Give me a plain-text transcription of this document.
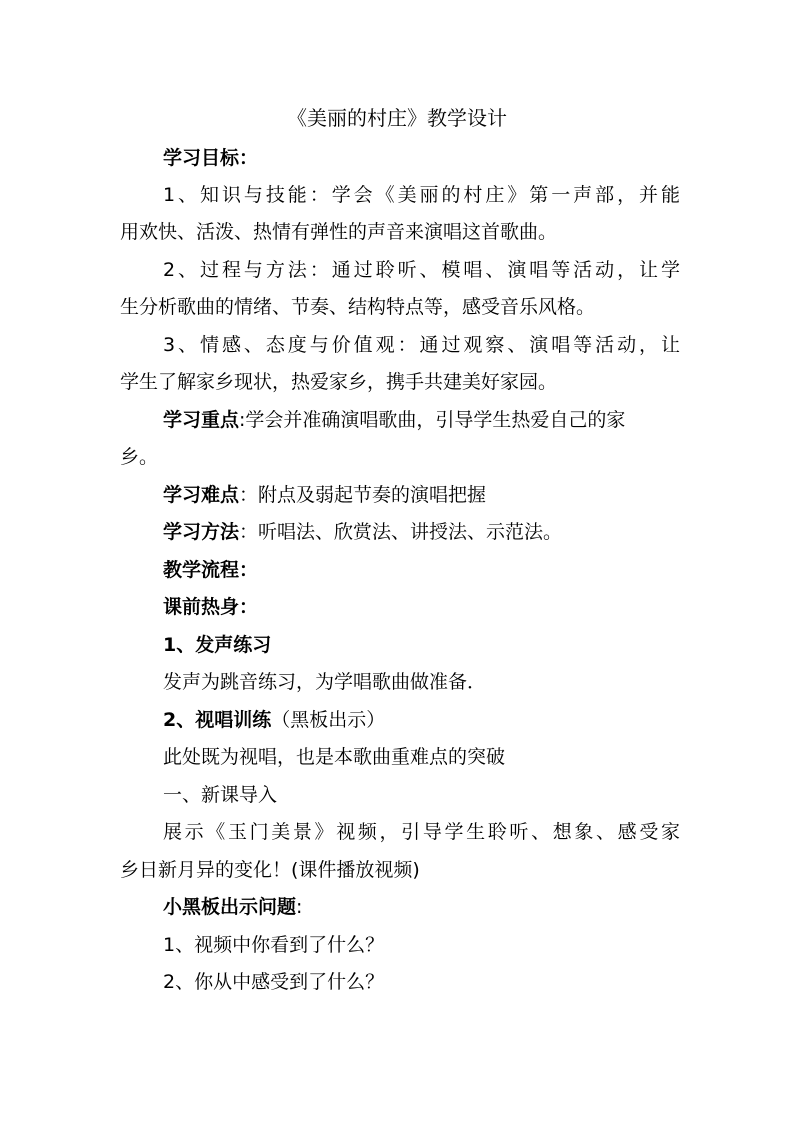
《美丽的村庄》教学设计
学习目标：
1、知识与技能：学会《美丽的村庄》第一声部，并能
用欢快、活泼、热情有弹性的声音来演唱这首歌曲。
2、过程与方法：通过聆听、模唱、演唱等活动，让学
生分析歌曲的情绪、节奏、结构特点等，感受音乐风格。
3、情感、态度与价值观：通过观察、演唱等活动，让
学生了解家乡现状，热爱家乡，携手共建美好家园。
学习重点:学会并准确演唱歌曲，引导学生热爱自己的家
乡。
学习难点：附点及弱起节奏的演唱把握
学习方法：听唱法、欣赏法、讲授法、示范法。
教学流程：
课前热身：
1、发声练习
发声为跳音练习，为学唱歌曲做准备．
2、视唱训练（黑板出示）
此处既为视唱，也是本歌曲重难点的突破
一、新课导入
展示《玉门美景》视频，引导学生聆听、想象、感受家
乡日新月异的变化！(课件播放视频)
小黑板出示问题:
1、视频中你看到了什么？
2、你从中感受到了什么？
